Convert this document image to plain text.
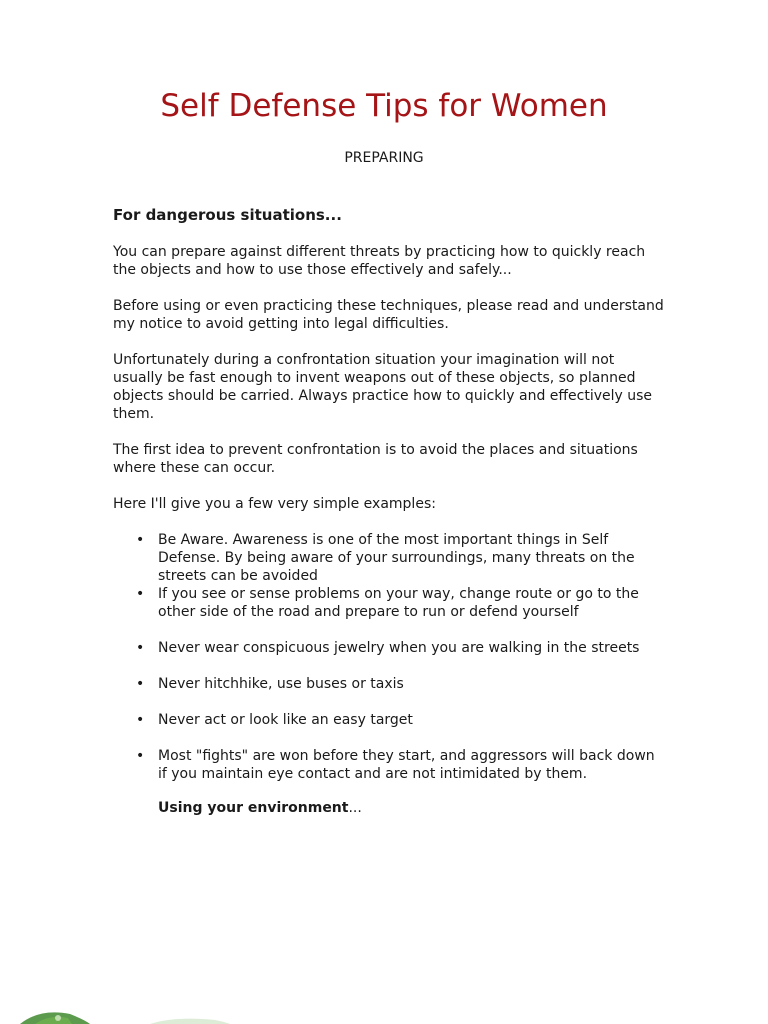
Self Defense Tips for Women
PREPARING
For dangerous situations...

You can prepare against different threats by practicing how to quickly reach the objects and how to use those effectively and safely...

Before using or even practicing these techniques, please read and understand my notice to avoid getting into legal difficulties.

Unfortunately during a confrontation situation your imagination will not usually be fast enough to invent weapons out of these objects, so planned objects should be carried. Always practice how to quickly and effectively use them.

The first idea to prevent confrontation is to avoid the places and situations where these can occur.

Here I'll give you a few very simple examples:

• Be Aware. Awareness is one of the most important things in Self Defense. By being aware of your surroundings, many threats on the streets can be avoided
• If you see or sense problems on your way, change route or go to the other side of the road and prepare to run or defend yourself
• Never wear conspicuous jewelry when you are walking in the streets
• Never hitchhike, use buses or taxis
• Never act or look like an easy target
• Most "fights" are won before they start, and aggressors will back down if you maintain eye contact and are not intimidated by them.
Using your environment...
